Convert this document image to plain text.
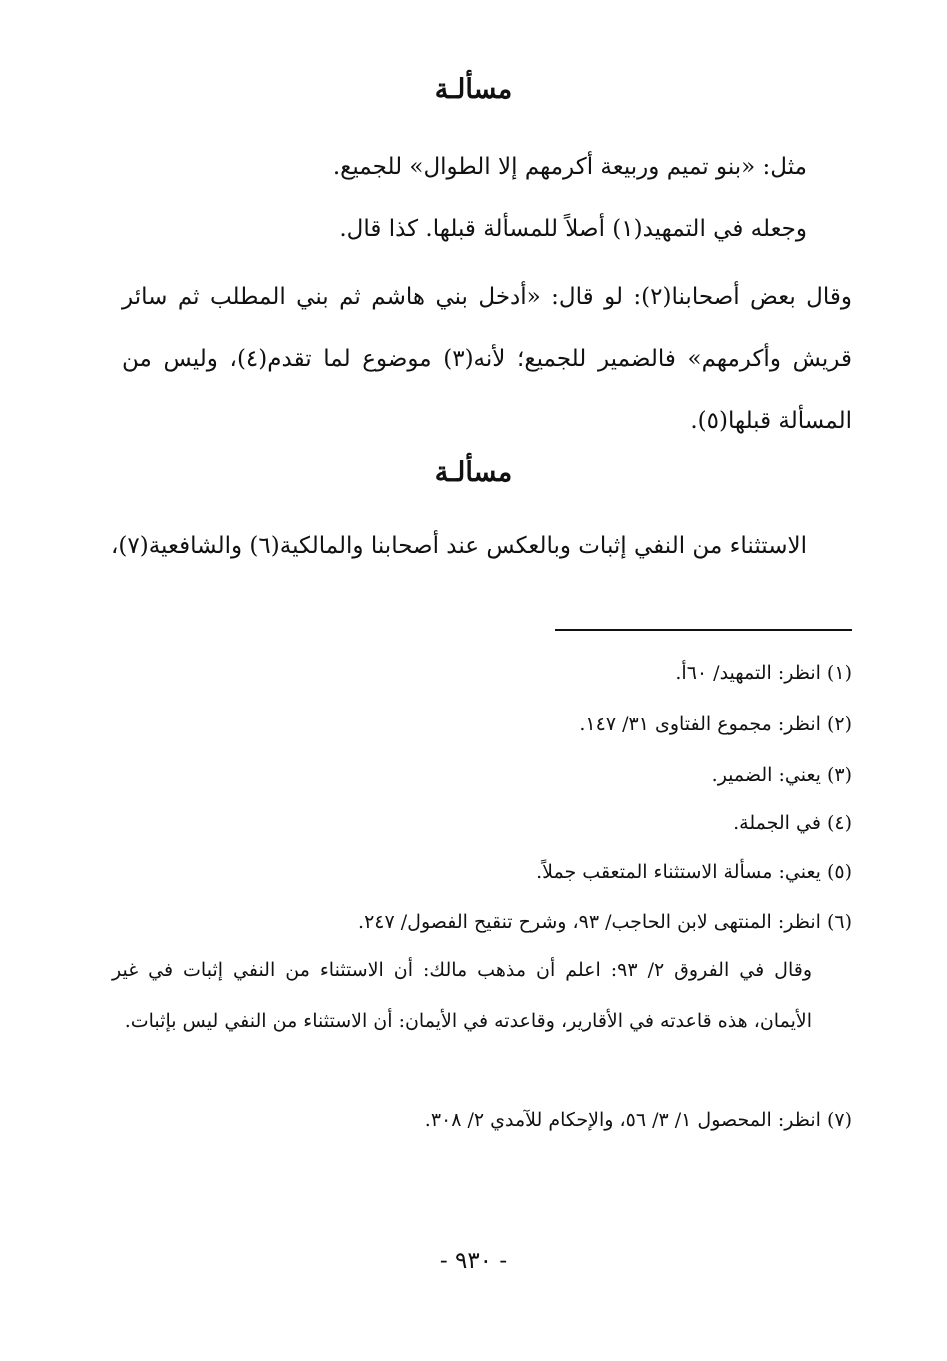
مسألـة

مثل: «بنو تميم وربيعة أكرمهم إلا الطوال» للجميع.

وجعله في التمهيد(١) أصلاً للمسألة قبلها. كذا قال.

وقال بعض أصحابنا(٢): لو قال: «أدخل بني هاشم ثم بني المطلب ثم سائر قريش وأكرمهم» فالضمير للجميع؛ لأنه(٣) موضوع لما تقدم(٤)، وليس من المسألة قبلها(٥).

مسألـة

الاستثناء من النفي إثبات وبالعكس عند أصحابنا والمالكية(٦) والشافعية(٧)،

(١) انظر: التمهيد/ ٦٠أ.

(٢) انظر: مجموع الفتاوى ٣١/ ١٤٧.

(٣) يعني: الضمير.

(٤) في الجملة.

(٥) يعني: مسألة الاستثناء المتعقب جملاً.

(٦) انظر: المنتهى لابن الحاجب/ ٩٣، وشرح تنقيح الفصول/ ٢٤٧.

وقال في الفروق ٢/ ٩٣: اعلم أن مذهب مالك: أن الاستثناء من النفي إثبات في غير الأيمان، هذه قاعدته في الأقارير، وقاعدته في الأيمان: أن الاستثناء من النفي ليس بإثبات.

(٧) انظر: المحصول ١/ ٣/ ٥٦، والإحكام للآمدي ٢/ ٣٠٨.

- ٩٣٠ -
